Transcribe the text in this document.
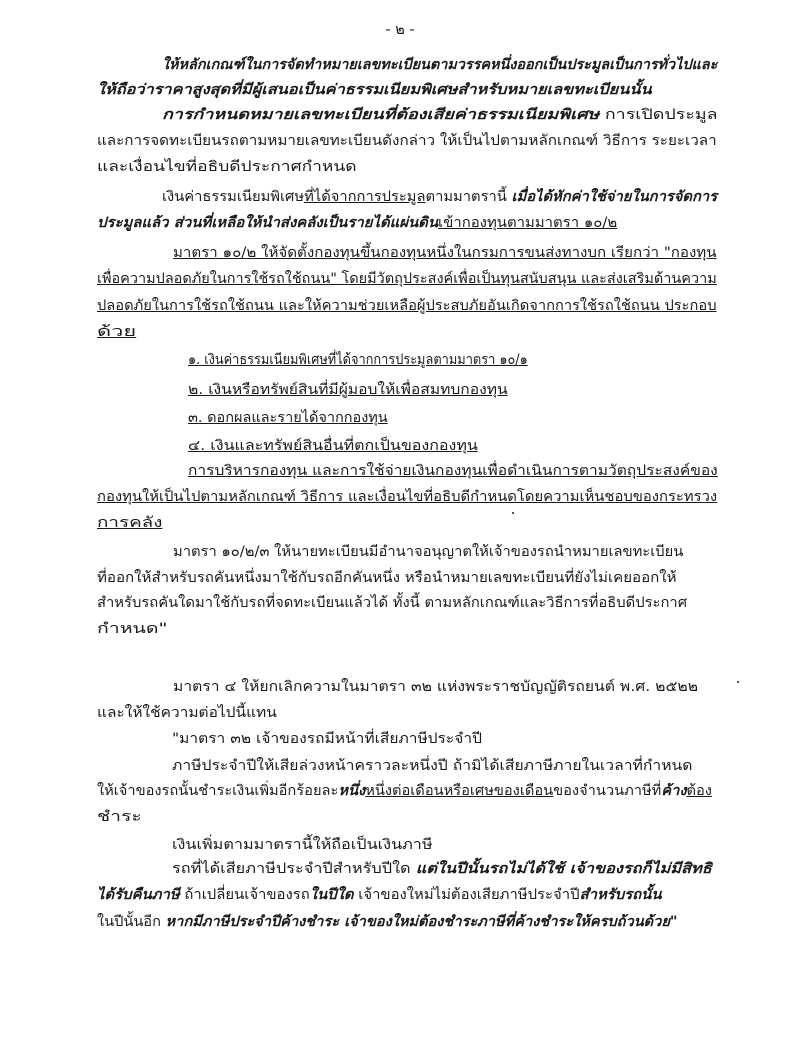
- ๒ -
ให้หลักเกณฑ์ในการจัดทำหมายเลขทะเบียนตามวรรคหนึ่งออกเป็นประมูลเป็นการทั่วไปและ
ให้ถือว่าราคาสูงสุดที่มีผู้เสนอเป็นค่าธรรมเนียมพิเศษสำหรับหมายเลขทะเบียนนั้น
การกำหนดหมายเลขทะเบียนที่ต้องเสียค่าธรรมเนียมพิเศษ การเปิดประมูล
และการจดทะเบียนรถตามหมายเลขทะเบียนดังกล่าว ให้เป็นไปตามหลักเกณฑ์ วิธีการ ระยะเวลา
และเงื่อนไขที่อธิบดีประกาศกำหนด
เงินค่าธรรมเนียมพิเศษที่ได้จากการประมูลตามมาตรานี้ เมื่อได้หักค่าใช้จ่ายในการจัดการ
ประมูลแล้ว ส่วนที่เหลือให้นำส่งคลังเป็นรายได้แผ่นดินเข้ากองทุนตามมาตรา ๑๐/๒
มาตรา ๑๐/๒ ให้จัดตั้งกองทุนขึ้นกองทุนหนึ่งในกรมการขนส่งทางบก เรียกว่า "กองทุน
เพื่อความปลอดภัยในการใช้รถใช้ถนน" โดยมีวัตถุประสงค์เพื่อเป็นทุนสนับสนุน และส่งเสริมด้านความ
ปลอดภัยในการใช้รถใช้ถนน และให้ความช่วยเหลือผู้ประสบภัยอันเกิดจากการใช้รถใช้ถนน ประกอบ
ด้วย
๑. เงินค่าธรรมเนียมพิเศษที่ได้จากการประมูลตามมาตรา ๑๐/๑
๒. เงินหรือทรัพย์สินที่มีผู้มอบให้เพื่อสมทบกองทุน
๓. ดอกผลและรายได้จากกองทุน
๔. เงินและทรัพย์สินอื่นที่ตกเป็นของกองทุน
การบริหารกองทุน และการใช้จ่ายเงินกองทุนเพื่อดำเนินการตามวัตถุประสงค์ของ
กองทุนให้เป็นไปตามหลักเกณฑ์ วิธีการ และเงื่อนไขที่อธิบดีกำหนดโดยความเห็นชอบของกระทรวง
การคลัง
มาตรา ๑๐/๒/๓ ให้นายทะเบียนมีอำนาจอนุญาตให้เจ้าของรถนำหมายเลขทะเบียน
ที่ออกให้สำหรับรถคันหนึ่งมาใช้กับรถอีกคันหนึ่ง หรือนำหมายเลขทะเบียนที่ยังไม่เคยออกให้
สำหรับรถคันใดมาใช้กับรถที่จดทะเบียนแล้วได้ ทั้งนี้ ตามหลักเกณฑ์และวิธีการที่อธิบดีประกาศ
กำหนด"
มาตรา ๔ ให้ยกเลิกความในมาตรา ๓๒ แห่งพระราชบัญญัติรถยนต์ พ.ศ. ๒๕๒๒
และให้ใช้ความต่อไปนี้แทน
"มาตรา ๓๒ เจ้าของรถมีหน้าที่เสียภาษีประจำปี
ภาษีประจำปีให้เสียล่วงหน้าคราวละหนึ่งปี ถ้ามิได้เสียภาษีภายในเวลาที่กำหนด
ให้เจ้าของรถนั้นชำระเงินเพิ่มอีกร้อยละหนึ่งหนึ่งต่อเดือนหรือเศษของเดือนของจำนวนภาษีที่ค้างต้อง
ชำระ
เงินเพิ่มตามมาตรานี้ให้ถือเป็นเงินภาษี
รถที่ได้เสียภาษีประจำปีสำหรับปีใด แต่ในปีนั้นรถไม่ได้ใช้ เจ้าของรถก็ไม่มีสิทธิ
ได้รับคืนภาษี ถ้าเปลี่ยนเจ้าของรถในปีใด เจ้าของใหม่ไม่ต้องเสียภาษีประจำปีสำหรับรถนั้น
ในปีนั้นอีก หากมีภาษีประจำปีค้างชำระ เจ้าของใหม่ต้องชำระภาษีที่ค้างชำระให้ครบถ้วนด้วย"
